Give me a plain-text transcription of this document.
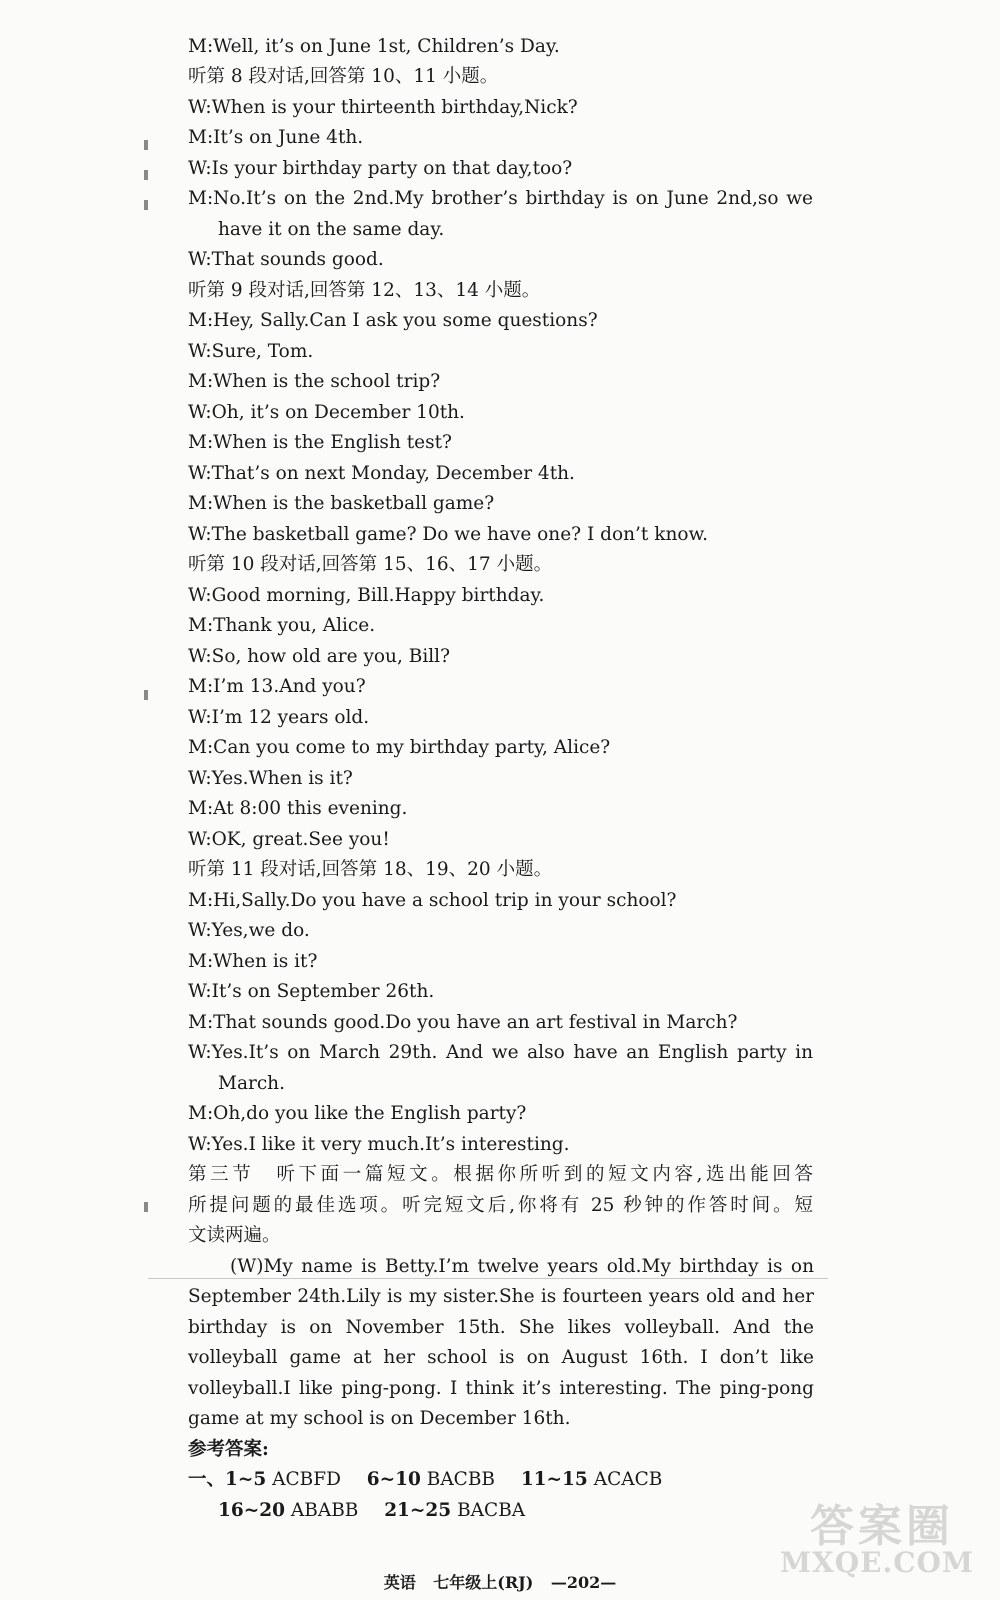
M:Well, it’s on June 1st, Children’s Day.
听第 8 段对话,回答第 10、11 小题。
W:When is your thirteenth birthday,Nick?
M:It’s on June 4th.
W:Is your birthday party on that day,too?
M:No.It’s on the 2nd.My brother’s birthday is on June 2nd,so we
have it on the same day.
W:That sounds good.
听第 9 段对话,回答第 12、13、14 小题。
M:Hey, Sally.Can I ask you some questions?
W:Sure, Tom.
M:When is the school trip?
W:Oh, it’s on December 10th.
M:When is the English test?
W:That’s on next Monday, December 4th.
M:When is the basketball game?
W:The basketball game? Do we have one? I don’t know.
听第 10 段对话,回答第 15、16、17 小题。
W:Good morning, Bill.Happy birthday.
M:Thank you, Alice.
W:So, how old are you, Bill?
M:I’m 13.And you?
W:I’m 12 years old.
M:Can you come to my birthday party, Alice?
W:Yes.When is it?
M:At 8:00 this evening.
W:OK, great.See you!
听第 11 段对话,回答第 18、19、20 小题。
M:Hi,Sally.Do you have a school trip in your school?
W:Yes,we do.
M:When is it?
W:It’s on September 26th.
M:That sounds good.Do you have an art festival in March?
W:Yes.It’s on March 29th. And we also have an English party in
March.
M:Oh,do you like the English party?
W:Yes.I like it very much.It’s interesting.
第三节　听下面一篇短文。根据你所听到的短文内容,选出能回答
所提问题的最佳选项。听完短文后,你将有 25 秒钟的作答时间。短
文读两遍。
(W)My name is Betty.I’m twelve years old.My birthday is on
September 24th.Lily is my sister.She is fourteen years old and her
birthday is on November 15th. She likes volleyball. And the
volleyball game at her school is on August 16th. I don’t like
volleyball.I like ping-pong. I think it’s interesting. The ping-pong
game at my school is on December 16th.
参考答案:
一、1~5 ACBFD 6~10 BACBB 11~15 ACACB
16~20 ABABB 21~25 BACBA
英语 七年级上(RJ) —202—
答案圈
MXQE.COM
